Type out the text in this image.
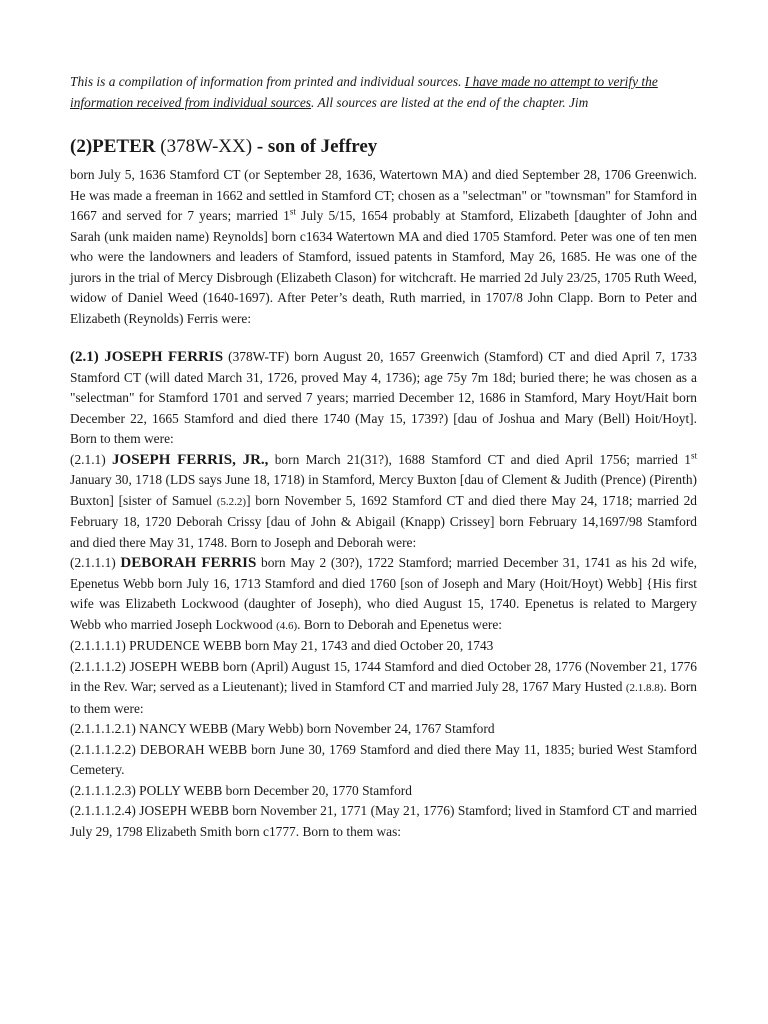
This is a compilation of information from printed and individual sources. I have made no attempt to verify the information received from individual sources. All sources are listed at the end of the chapter. Jim

(2)PETER (378W-XX) - son of Jeffrey

born July 5, 1636 Stamford CT (or September 28, 1636, Watertown MA) and died September 28, 1706 Greenwich. He was made a freeman in 1662 and settled in Stamford CT; chosen as a "selectman" or "townsman" for Stamford in 1667 and served for 7 years; married 1st July 5/15, 1654 probably at Stamford, Elizabeth [daughter of John and Sarah (unk maiden name) Reynolds] born c1634 Watertown MA and died 1705 Stamford. Peter was one of ten men who were the landowners and leaders of Stamford, issued patents in Stamford, May 26, 1685. He was one of the jurors in the trial of Mercy Disbrough (Elizabeth Clason) for witchcraft. He married 2d July 23/25, 1705 Ruth Weed, widow of Daniel Weed (1640-1697). After Peter’s death, Ruth married, in 1707/8 John Clapp. Born to Peter and Elizabeth (Reynolds) Ferris were:

(2.1) JOSEPH FERRIS (378W-TF) born August 20, 1657 Greenwich (Stamford) CT and died April 7, 1733 Stamford CT (will dated March 31, 1726, proved May 4, 1736); age 75y 7m 18d; buried there; he was chosen as a "selectman" for Stamford 1701 and served 7 years; married December 12, 1686 in Stamford, Mary Hoyt/Hait born December 22, 1665 Stamford and died there 1740 (May 15, 1739?) [dau of Joshua and Mary (Bell) Hoit/Hoyt]. Born to them were:

(2.1.1) JOSEPH FERRIS, JR., born March 21(31?), 1688 Stamford CT and died April 1756; married 1st January 30, 1718 (LDS says June 18, 1718) in Stamford, Mercy Buxton [dau of Clement & Judith (Prence) (Pirenth) Buxton] [sister of Samuel (5.2.2)] born November 5, 1692 Stamford CT and died there May 24, 1718; married 2d February 18, 1720 Deborah Crissy [dau of John & Abigail (Knapp) Crissey] born February 14,1697/98 Stamford and died there May 31, 1748. Born to Joseph and Deborah were:

(2.1.1.1) DEBORAH FERRIS born May 2 (30?), 1722 Stamford; married December 31, 1741 as his 2d wife, Epenetus Webb born July 16, 1713 Stamford and died 1760 [son of Joseph and Mary (Hoit/Hoyt) Webb] {His first wife was Elizabeth Lockwood (daughter of Joseph), who died August 15, 1740. Epenetus is related to Margery Webb who married Joseph Lockwood (4.6). Born to Deborah and Epenetus were:

(2.1.1.1.1) PRUDENCE WEBB born May 21, 1743 and died October 20, 1743

(2.1.1.1.2) JOSEPH WEBB born (April) August 15, 1744 Stamford and died October 28, 1776 (November 21, 1776 in the Rev. War; served as a Lieutenant); lived in Stamford CT and married July 28, 1767 Mary Husted (2.1.8.8). Born to them were:

(2.1.1.1.2.1) NANCY WEBB (Mary Webb) born November 24, 1767 Stamford

(2.1.1.1.2.2) DEBORAH WEBB born June 30, 1769 Stamford and died there May 11, 1835; buried West Stamford Cemetery.

(2.1.1.1.2.3) POLLY WEBB born December 20, 1770 Stamford

(2.1.1.1.2.4) JOSEPH WEBB born November 21, 1771 (May 21, 1776) Stamford; lived in Stamford CT and married July 29, 1798 Elizabeth Smith born c1777. Born to them was:
